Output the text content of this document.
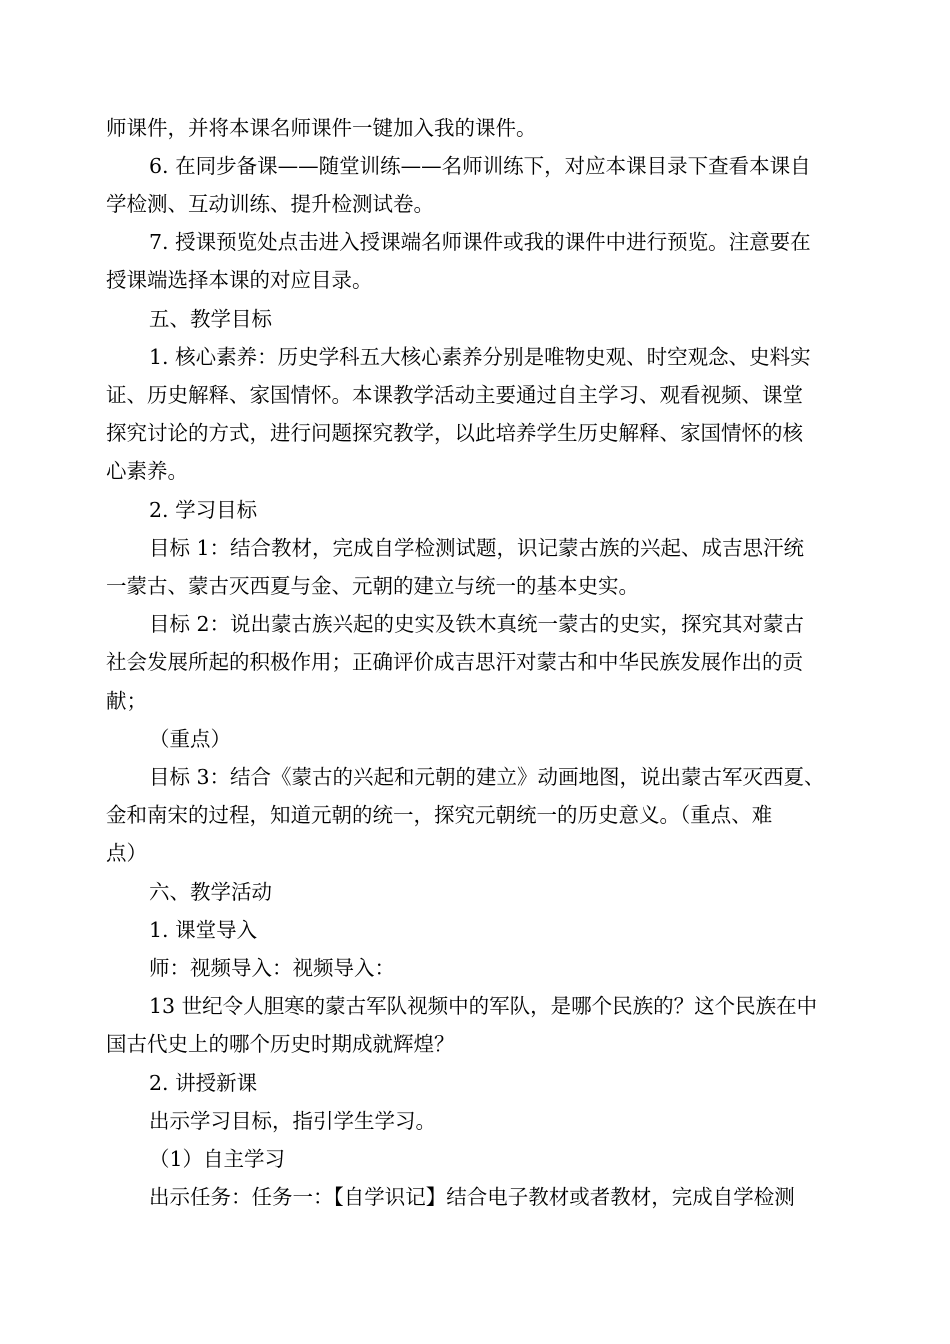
师课件，并将本课名师课件一键加入我的课件。

6. 在同步备课——随堂训练——名师训练下，对应本课目录下查看本课自

学检测、互动训练、提升检测试卷。

7. 授课预览处点击进入授课端名师课件或我的课件中进行预览。注意要在

授课端选择本课的对应目录。

五、教学目标

1. 核心素养：历史学科五大核心素养分别是唯物史观、时空观念、史料实

证、历史解释、家国情怀。本课教学活动主要通过自主学习、观看视频、课堂

探究讨论的方式，进行问题探究教学，以此培养学生历史解释、家国情怀的核

心素养。

2. 学习目标

目标 1：结合教材，完成自学检测试题，识记蒙古族的兴起、成吉思汗统

一蒙古、蒙古灭西夏与金、元朝的建立与统一的基本史实。

目标 2：说出蒙古族兴起的史实及铁木真统一蒙古的史实，探究其对蒙古

社会发展所起的积极作用；正确评价成吉思汗对蒙古和中华民族发展作出的贡

献；

（重点）

目标 3：结合《蒙古的兴起和元朝的建立》动画地图，说出蒙古军灭西夏、

金和南宋的过程，知道元朝的统一，探究元朝统一的历史意义。（重点、难

点）

六、教学活动

1. 课堂导入

师：视频导入：视频导入：

13 世纪令人胆寒的蒙古军队视频中的军队，是哪个民族的？这个民族在中

国古代史上的哪个历史时期成就辉煌？

2. 讲授新课

出示学习目标，指引学生学习。

（1）自主学习

出示任务：任务一：【自学识记】结合电子教材或者教材，完成自学检测
